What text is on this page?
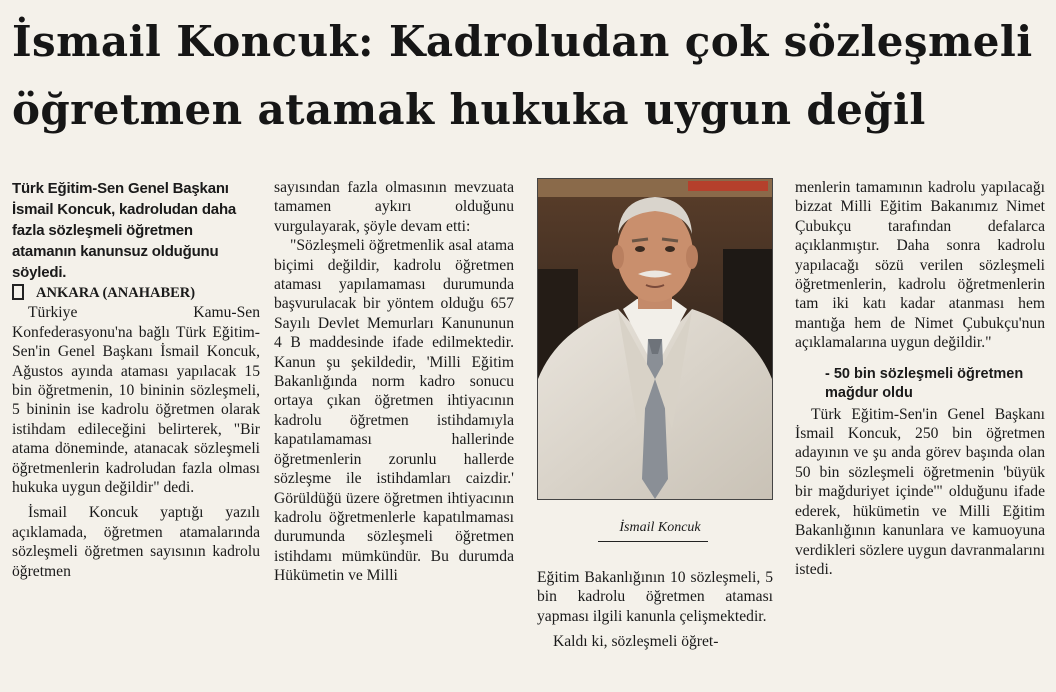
İsmail Koncuk: Kadroludan çok sözleşmeli
öğretmen atamak hukuka uygun değil

Türk Eğitim-Sen Genel Başkanı İsmail Koncuk, kadroludan daha fazla sözleşmeli öğretmen atamanın kanunsuz olduğunu söyledi.

ANKARA (ANAHABER)

Türkiye Kamu-Sen Konfederasyonu'na bağlı Türk Eğitim-Sen'in Genel Başkanı İsmail Koncuk, Ağustos ayında ataması yapılacak 15 bin öğretmenin, 10 bininin sözleşmeli, 5 bininin ise kadrolu öğretmen olarak istihdam edileceğini belirterek, "Bir atama döneminde, atanacak sözleşmeli öğretmenlerin kadroludan fazla olması hukuka uygun değildir" dedi.

İsmail Koncuk yaptığı yazılı açıklamada, öğretmen atamalarında sözleşmeli öğretmen sayısının kadrolu öğretmen

sayısından fazla olmasının mevzuata tamamen aykırı olduğunu vurgulayarak, şöyle devam etti:

"Sözleşmeli öğretmenlik asal atama biçimi değildir, kadrolu öğretmen ataması yapılamaması durumunda başvurulacak bir yöntem olduğu 657 Sayılı Devlet Memurları Kanununun 4 B maddesinde ifade edilmektedir. Kanun şu şekildedir, 'Milli Eğitim Bakanlığında norm kadro sonucu ortaya çıkan öğretmen ihtiyacının kadrolu öğretmen istihdamıyla kapatılamaması hallerinde öğretmenlerin zorunlu hallerde sözleşme ile istihdamları caizdir.' Görüldüğü üzere öğretmen ihtiyacının kadrolu öğretmenlerle kapatılmaması durumunda sözleşmeli öğretmen istihdamı mümkündür. Bu durumda Hükümetin ve Milli

İsmail Koncuk

Eğitim Bakanlığının 10 sözleşmeli, 5 bin kadrolu öğretmen ataması yapması ilgili kanunla çelişmektedir.

Kaldı ki, sözleşmeli öğret-

menlerin tamamının kadrolu yapılacağı bizzat Milli Eğitim Bakanımız Nimet Çubukçu tarafından defalarca açıklanmıştır. Daha sonra kadrolu yapılacağı sözü verilen sözleşmeli öğretmenlerin, kadrolu öğretmenlerin tam iki katı kadar atanması hem mantığa hem de Nimet Çubukçu'nun açıklamalarına uygun değildir."

- 50 bin sözleşmeli öğretmen mağdur oldu

Türk Eğitim-Sen'in Genel Başkanı İsmail Koncuk, 250 bin öğretmen adayının ve şu anda görev başında olan 50 bin sözleşmeli öğretmenin 'büyük bir mağduriyet içinde'" olduğunu ifade ederek, hükümetin ve Milli Eğitim Bakanlığının kanunlara ve kamuoyuna verdikleri sözlere uygun davranmalarını istedi.
